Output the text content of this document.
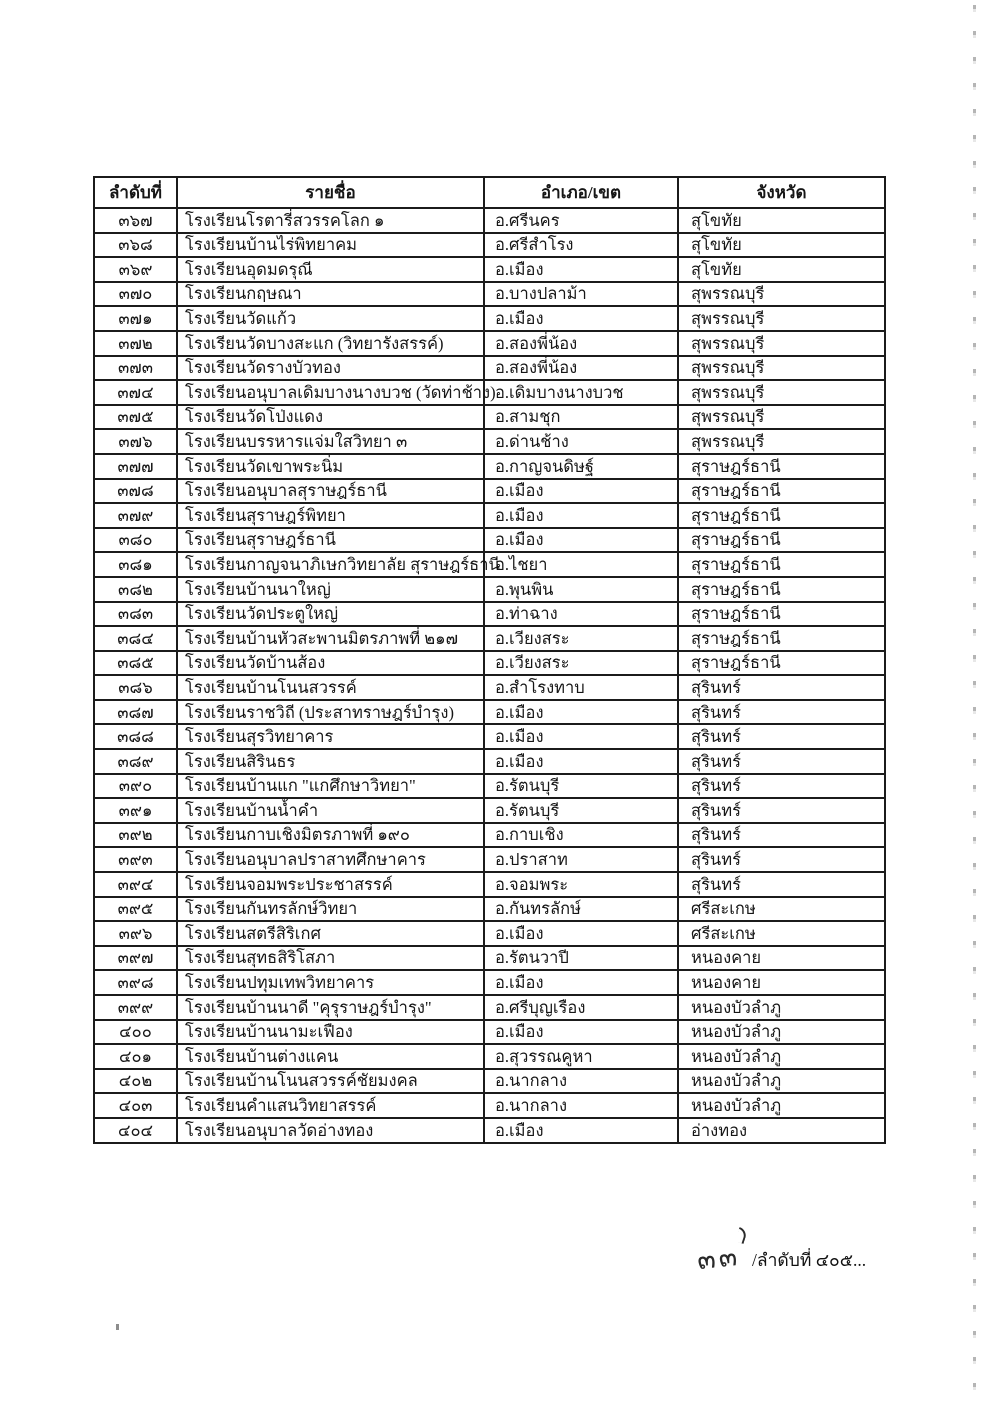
ลำดับที่	รายชื่อ	อำเภอ/เขต	จังหวัด
๓๖๗	โรงเรียนโรตารี่สวรรคโลก ๑	อ.ศรีนคร	สุโขทัย
๓๖๘	โรงเรียนบ้านไร่พิทยาคม	อ.ศรีสำโรง	สุโขทัย
๓๖๙	โรงเรียนอุดมดรุณี	อ.เมือง	สุโขทัย
๓๗๐	โรงเรียนกฤษณา	อ.บางปลาม้า	สุพรรณบุรี
๓๗๑	โรงเรียนวัดแก้ว	อ.เมือง	สุพรรณบุรี
๓๗๒	โรงเรียนวัดบางสะแก (วิทยารังสรรค์)	อ.สองพี่น้อง	สุพรรณบุรี
๓๗๓	โรงเรียนวัดรางบัวทอง	อ.สองพี่น้อง	สุพรรณบุรี
๓๗๔	โรงเรียนอนุบาลเดิมบางนางบวช (วัดท่าช้าง)	อ.เดิมบางนางบวช	สุพรรณบุรี
๓๗๕	โรงเรียนวัดโป่งแดง	อ.สามชุก	สุพรรณบุรี
๓๗๖	โรงเรียนบรรหารแจ่มใสวิทยา ๓	อ.ด่านช้าง	สุพรรณบุรี
๓๗๗	โรงเรียนวัดเขาพระนิ่ม	อ.กาญจนดิษฐ์	สุราษฎร์ธานี
๓๗๘	โรงเรียนอนุบาลสุราษฎร์ธานี	อ.เมือง	สุราษฎร์ธานี
๓๗๙	โรงเรียนสุราษฎร์พิทยา	อ.เมือง	สุราษฎร์ธานี
๓๘๐	โรงเรียนสุราษฎร์ธานี	อ.เมือง	สุราษฎร์ธานี
๓๘๑	โรงเรียนกาญจนาภิเษกวิทยาลัย สุราษฎร์ธานี	อ.ไชยา	สุราษฎร์ธานี
๓๘๒	โรงเรียนบ้านนาใหญ่	อ.พุนพิน	สุราษฎร์ธานี
๓๘๓	โรงเรียนวัดประตูใหญ่	อ.ท่าฉาง	สุราษฎร์ธานี
๓๘๔	โรงเรียนบ้านหัวสะพานมิตรภาพที่ ๒๑๗	อ.เวียงสระ	สุราษฎร์ธานี
๓๘๕	โรงเรียนวัดบ้านส้อง	อ.เวียงสระ	สุราษฎร์ธานี
๓๘๖	โรงเรียนบ้านโนนสวรรค์	อ.สำโรงทาบ	สุรินทร์
๓๘๗	โรงเรียนราชวิถี (ประสาทราษฎร์บำรุง)	อ.เมือง	สุรินทร์
๓๘๘	โรงเรียนสุรวิทยาคาร	อ.เมือง	สุรินทร์
๓๘๙	โรงเรียนสิรินธร	อ.เมือง	สุรินทร์
๓๙๐	โรงเรียนบ้านแก "แกศึกษาวิทยา"	อ.รัตนบุรี	สุรินทร์
๓๙๑	โรงเรียนบ้านน้ำคำ	อ.รัตนบุรี	สุรินทร์
๓๙๒	โรงเรียนกาบเชิงมิตรภาพที่ ๑๙๐	อ.กาบเชิง	สุรินทร์
๓๙๓	โรงเรียนอนุบาลปราสาทศึกษาคาร	อ.ปราสาท	สุรินทร์
๓๙๔	โรงเรียนจอมพระประชาสรรค์	อ.จอมพระ	สุรินทร์
๓๙๕	โรงเรียนกันทรลักษ์วิทยา	อ.กันทรลักษ์	ศรีสะเกษ
๓๙๖	โรงเรียนสตรีสิริเกศ	อ.เมือง	ศรีสะเกษ
๓๙๗	โรงเรียนสุทธสิริโสภา	อ.รัตนวาปี	หนองคาย
๓๙๘	โรงเรียนปทุมเทพวิทยาคาร	อ.เมือง	หนองคาย
๓๙๙	โรงเรียนบ้านนาดี "คุรุราษฎร์บำรุง"	อ.ศรีบุญเรือง	หนองบัวลำภู
๔๐๐	โรงเรียนบ้านนามะเฟือง	อ.เมือง	หนองบัวลำภู
๔๐๑	โรงเรียนบ้านต่างแคน	อ.สุวรรณคูหา	หนองบัวลำภู
๔๐๒	โรงเรียนบ้านโนนสวรรค์ชัยมงคล	อ.นากลาง	หนองบัวลำภู
๔๐๓	โรงเรียนคำแสนวิทยาสรรค์	อ.นากลาง	หนองบัวลำภู
๔๐๔	โรงเรียนอนุบาลวัดอ่างทอง	อ.เมือง	อ่างทอง
๓๓ /ลำดับที่ ๔๐๕...
